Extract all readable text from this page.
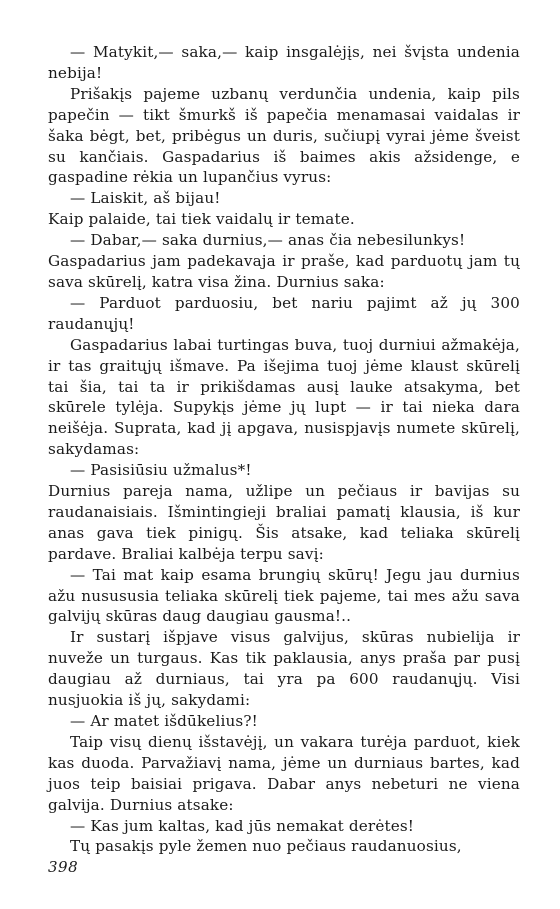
— Matykit,— saka,— kaip insgalėjįs, nei švįsta undenia nebija!

Prišakįs pajeme uzbanų verdunčia undenia, kaip pils papečin — tikt šmurkš iš papečia menamasai vaidalas ir šaka bėgt, bet, pribėgus un duris, sučiupį vyrai jėme šveist su kančiais. Gaspadarius iš baimes akis ažsidenge, e gaspadine rėkia un lupančius vyrus:

— Laiskit, aš bijau!

Kaip palaide, tai tiek vaidalų ir temate.

— Dabar,— saka durnius,— anas čia nebesilunkys!

Gaspadarius jam padekavaja ir praše, kad parduotų jam tų sava skūrelį, katra visa žina. Durnius saka:

— Parduot parduosiu, bet nariu pajimt až jų 300 raudanųjų!

Gaspadarius labai turtingas buva, tuoj durniui ažmakėja, ir tas graitųjų išmave. Pa išejima tuoj jėme klaust skūrelį tai šia, tai ta ir prikišdamas ausį lauke atsakyma, bet skūrele tylėja. Supykįs jėme jų lupt — ir tai nieka dara neišėja. Suprata, kad jį apgava, nusispjavįs numete skūrelį, sakydamas:

— Pasisiūsiu užmalus*!

Durnius pareja nama, užlipe un pečiaus ir bavijas su raudanaisiais. Išmintingieji braliai pamatį klausia, iš kur anas gava tiek pinigų. Šis atsake, kad teliaka skūrelį pardave. Braliai kalbėja terpu savį:

— Tai mat kaip esama brungių skūrų! Jegu jau durnius ažu nusususia teliaka skūrelį tiek pajeme, tai mes ažu sava galvijų skūras daug daugiau gausma!..

Ir sustarį išpjave visus galvijus, skūras nubielija ir nuveže un turgaus. Kas tik paklausia, anys praša par pusį daugiau až durniaus, tai yra pa 600 raudanųjų. Visi nusjuokia iš jų, sakydami:

— Ar matet išdūkelius?!

Taip visų dienų išstavėjį, un vakara turėja parduot, kiek kas duoda. Parvažiavį nama, jėme un durniaus bartes, kad juos teip baisiai prigava. Dabar anys nebeturi ne viena galvija. Durnius atsake:

— Kas jum kaltas, kad jūs nemakat derėtes!

Tų pasakįs pyle žemen nuo pečiaus raudanuosius,

398
